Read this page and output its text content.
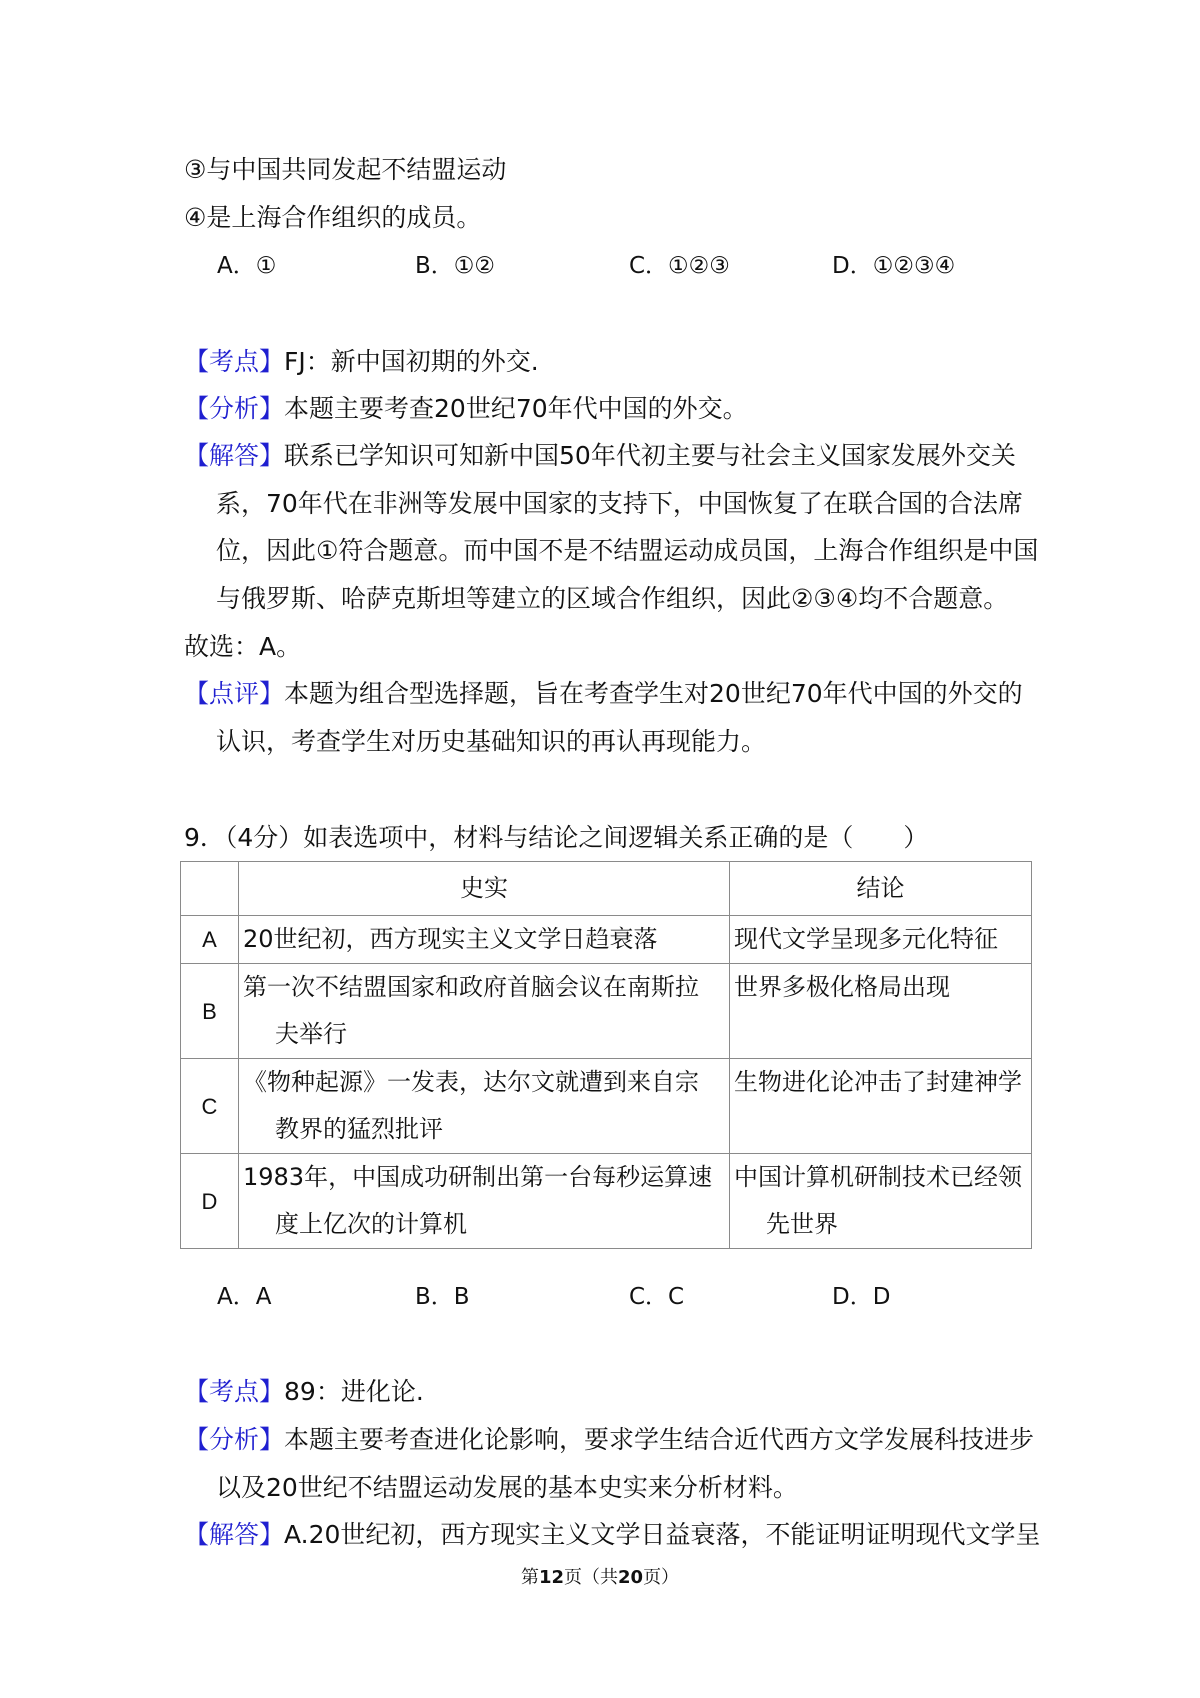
③与中国共同发起不结盟运动
④是上海合作组织的成员。
A．①	B．①②	C．①②③	D．①②③④
【考点】FJ：新中国初期的外交.
【分析】本题主要考查20世纪70年代中国的外交。
【解答】联系已学知识可知新中国50年代初主要与社会主义国家发展外交关
系，70年代在非洲等发展中国家的支持下，中国恢复了在联合国的合法席
位，因此①符合题意。而中国不是不结盟运动成员国，上海合作组织是中国
与俄罗斯、哈萨克斯坦等建立的区域合作组织，因此②③④均不合题意。
故选：A。
【点评】本题为组合型选择题，旨在考查学生对20世纪70年代中国的外交的
认识，考查学生对历史基础知识的再认再现能力。
9．（4分）如表选项中，材料与结论之间逻辑关系正确的是（　　）
	史实	结论
A	20世纪初，西方现实主义文学日趋衰落	现代文学呈现多元化特征

B	第一次不结盟国家和政府首脑会议在南斯拉
夫举行	世界多极化格局出现

C	《物种起源》一发表，达尔文就遭到来自宗
教界的猛烈批评	生物进化论冲击了封建神学

D	1983年，中国成功研制出第一台每秒运算速
度上亿次的计算机	中国计算机研制技术已经领
先世界
A．A	B．B	C．C	D．D
【考点】89：进化论.
【分析】本题主要考查进化论影响，要求学生结合近代西方文学发展科技进步
以及20世纪不结盟运动发展的基本史实来分析材料。
【解答】A.20世纪初，西方现实主义文学日益衰落，不能证明证明现代文学呈
第12页（共20页）
